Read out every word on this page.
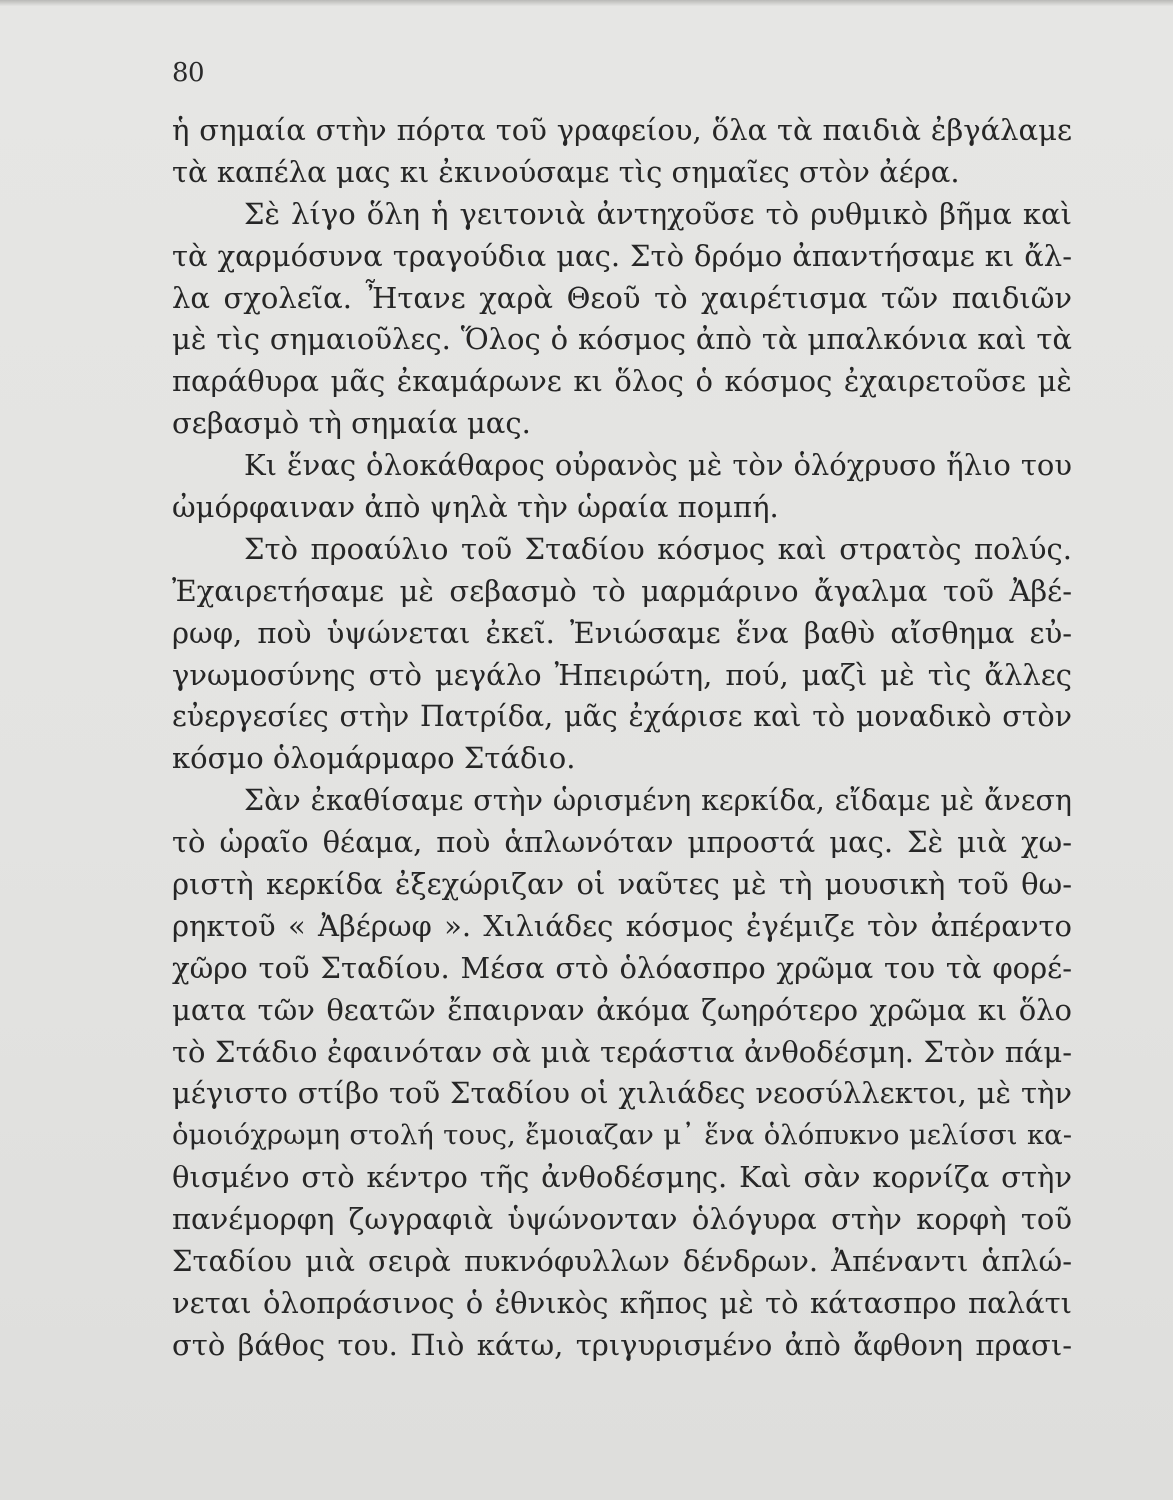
80
ἡ σημαία στὴν πόρτα τοῦ γραφείου, ὅλα τὰ παιδιὰ ἐβγάλαμε
τὰ καπέλα μας κι ἐκινούσαμε τὶς σημαῖες στὸν ἀέρα.
Σὲ λίγο ὅλη ἡ γειτονιὰ ἀντηχοῦσε τὸ ρυθμικὸ βῆμα καὶ
τὰ χαρμόσυνα τραγούδια μας. Στὸ δρόμο ἀπαντήσαμε κι ἄλ-
λα σχολεῖα. Ἦτανε χαρὰ Θεοῦ τὸ χαιρέτισμα τῶν παιδιῶν
μὲ τὶς σημαιοῦλες. Ὅλος ὁ κόσμος ἀπὸ τὰ μπαλκόνια καὶ τὰ
παράθυρα μᾶς ἐκαμάρωνε κι ὅλος ὁ κόσμος ἐχαιρετοῦσε μὲ
σεβασμὸ τὴ σημαία μας.
Κι ἕνας ὁλοκάθαρος οὐρανὸς μὲ τὸν ὁλόχρυσο ἥλιο του
ὠμόρφαιναν ἀπὸ ψηλὰ τὴν ὡραία πομπή.
Στὸ προαύλιο τοῦ Σταδίου κόσμος καὶ στρατὸς πολύς.
Ἐχαιρετήσαμε μὲ σεβασμὸ τὸ μαρμάρινο ἄγαλμα τοῦ Ἀβέ-
ρωφ, ποὺ ὑψώνεται ἐκεῖ. Ἐνιώσαμε ἕνα βαθὺ αἴσθημα εὐ-
γνωμοσύνης στὸ μεγάλο Ἠπειρώτη, πού, μαζὶ μὲ τὶς ἄλλες
εὐεργεσίες στὴν Πατρίδα, μᾶς ἐχάρισε καὶ τὸ μοναδικὸ στὸν
κόσμο ὁλομάρμαρο Στάδιο.
Σὰν ἐκαθίσαμε στὴν ὡρισμένη κερκίδα, εἴδαμε μὲ ἄνεση
τὸ ὡραῖο θέαμα, ποὺ ἁπλωνόταν μπροστά μας. Σὲ μιὰ χω-
ριστὴ κερκίδα ἐξεχώριζαν οἱ ναῦτες μὲ τὴ μουσικὴ τοῦ θω-
ρηκτοῦ « Ἀβέρωφ ». Χιλιάδες κόσμος ἐγέμιζε τὸν ἀπέραντο
χῶρο τοῦ Σταδίου. Μέσα στὸ ὁλόασπρο χρῶμα του τὰ φορέ-
ματα τῶν θεατῶν ἔπαιρναν ἀκόμα ζωηρότερο χρῶμα κι ὅλο
τὸ Στάδιο ἐφαινόταν σὰ μιὰ τεράστια ἀνθοδέσμη. Στὸν πάμ-
μέγιστο στίβο τοῦ Σταδίου οἱ χιλιάδες νεοσύλλεκτοι, μὲ τὴν
ὁμοιόχρωμη στολή τους, ἔμοιαζαν μ᾿ ἕνα ὁλόπυκνο μελίσσι κα-
θισμένο στὸ κέντρο τῆς ἀνθοδέσμης. Καὶ σὰν κορνίζα στὴν
πανέμορφη ζωγραφιὰ ὑψώνονταν ὁλόγυρα στὴν κορφὴ τοῦ
Σταδίου μιὰ σειρὰ πυκνόφυλλων δένδρων. Ἀπέναντι ἁπλώ-
νεται ὁλοπράσινος ὁ ἐθνικὸς κῆπος μὲ τὸ κάτασπρο παλάτι
στὸ βάθος του. Πιὸ κάτω, τριγυρισμένο ἀπὸ ἄφθονη πρασι-
